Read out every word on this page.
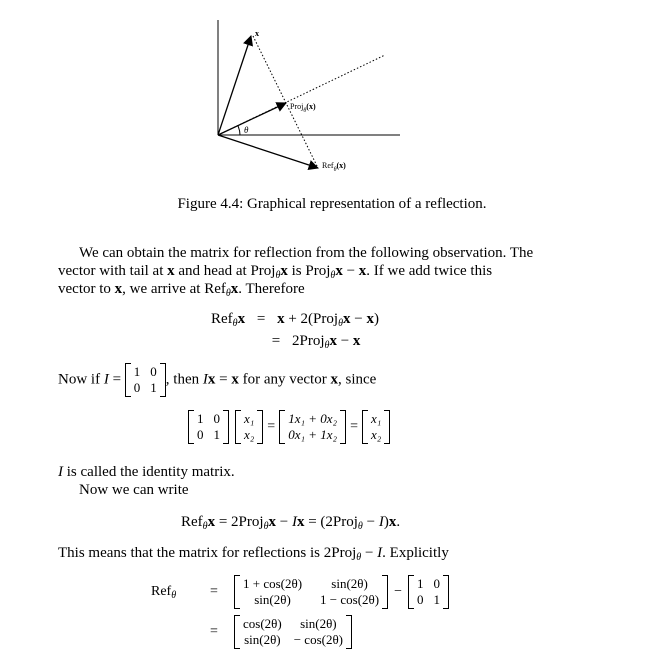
x
θ
Proj$_\theta$(x)
Ref$_\theta$(x)
Figure 4.4: Graphical representation of a reflection.
We can obtain the matrix for reflection from the following observation. The
vector with tail at x and head at Proj$_\theta$x is Proj$_\theta$x − x. If we add twice this
vector to x, we arrive at Ref$_\theta$x. Therefore
Ref$_\theta$x = x + 2(Proj$_\theta$x − x)
= 2Proj$_\theta$x − x
Now if I = 1 0
0 1
, then Ix = x for any vector x, since
1 0
0 1
x₁
x₂
=
1x₁ + 0x₂
0x₁ + 1x₂
=
x₁
x₂
I is called the identity matrix.
Now we can write
Ref$_\theta$x = 2Proj$_\theta$x − Ix = (2Proj$_\theta$ − I)x.
This means that the matrix for reflections is 2Proj$_\theta$ − I. Explicitly
Ref$_\theta$	=
1 + cos(2θ)	sin(2θ)
sin(2θ)	1 − cos(2θ)
−
1 0
0 1
=
cos(2θ)	sin(2θ)
sin(2θ) − cos(2θ)
